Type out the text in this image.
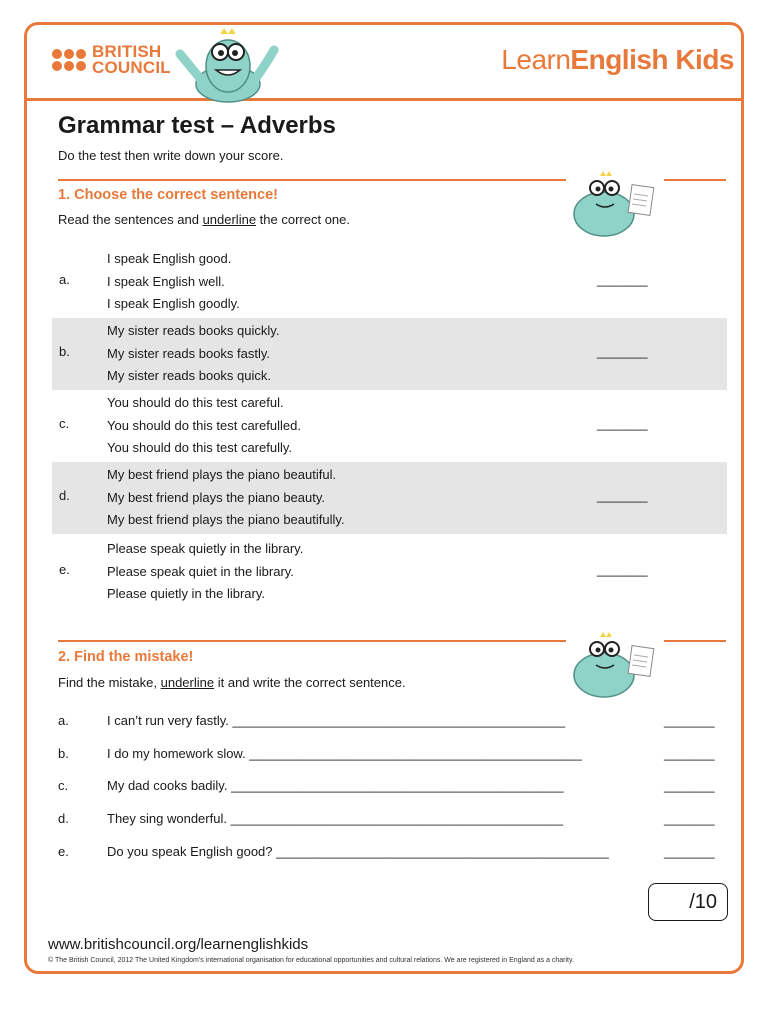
BRITISH
COUNCIL	LearnEnglish Kids
Grammar test – Adverbs
Do the test then write down your score.
1. Choose the correct sentence!
Read the sentences and underline the correct one.
a.
I speak English good.
I speak English well.
I speak English goodly.
_______
b.
My sister reads books quickly.
My sister reads books fastly.
My sister reads books quick.
_______
c.
You should do this test careful.
You should do this test carefulled.
You should do this test carefully.
_______
d.
My best friend plays the piano beautiful.
My best friend plays the piano beauty.
My best friend plays the piano beautifully.
_______
e.
Please speak quietly in the library.
Please speak quiet in the library.
Please quietly in the library.
_______
2. Find the mistake!
Find the mistake, underline it and write the correct sentence.
a.	I can’t run very fastly. ______________________________________________	_______
b.	I do my homework slow. ______________________________________________	_______
c.	My dad cooks badily. ______________________________________________	_______
d.	They sing wonderful. ______________________________________________	_______
e.	Do you speak English good? ______________________________________________	_______
/10
www.britishcouncil.org/learnenglishkids
© The British Council, 2012 The United Kingdom’s international organisation for educational opportunities and cultural relations. We are registered in England as a charity.
